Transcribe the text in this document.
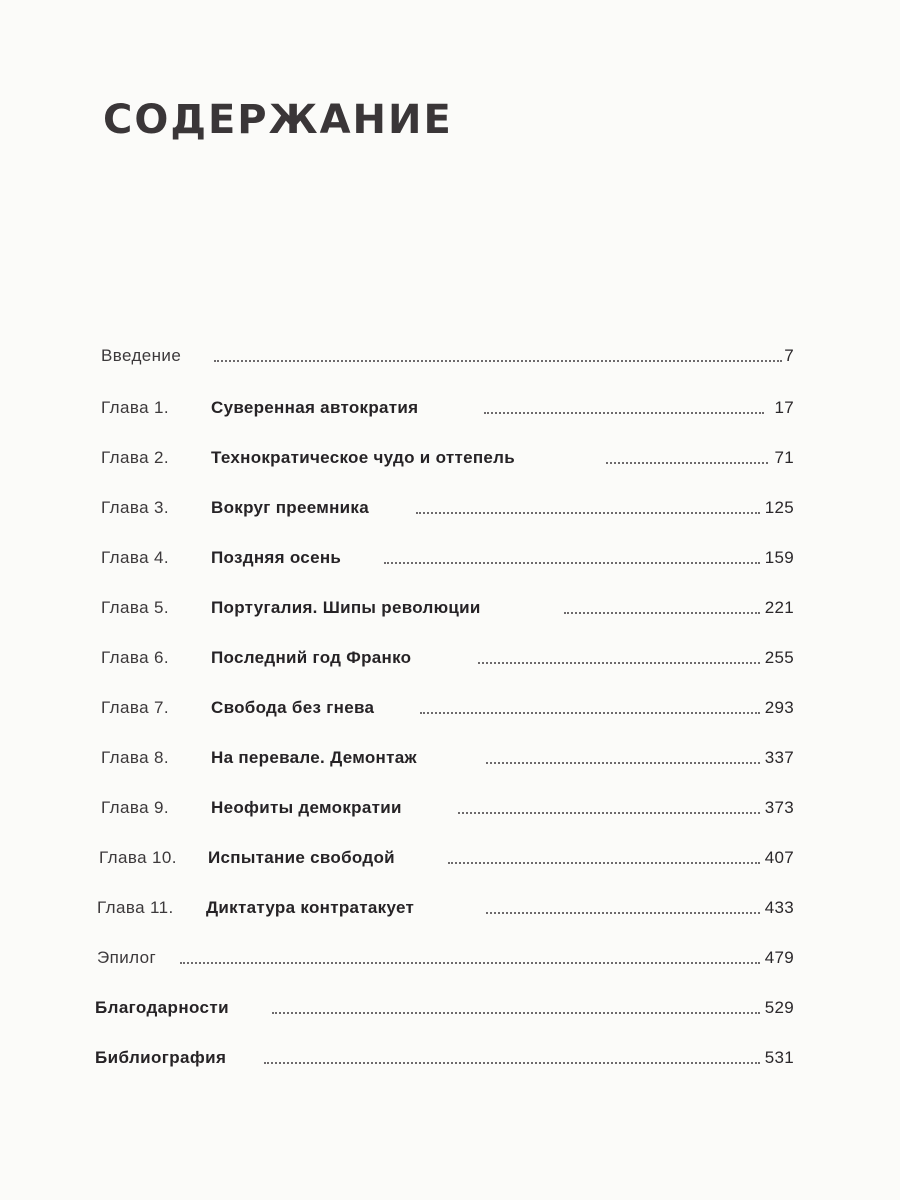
СОДЕРЖАНИЕ
Введение	7
Глава 1. Суверенная автократия	17
Глава 2. Технократическое чудо и оттепель	71
Глава 3. Вокруг преемника	125
Глава 4. Поздняя осень	159
Глава 5. Португалия. Шипы революции	221
Глава 6. Последний год Франко	255
Глава 7. Свобода без гнева	293
Глава 8. На перевале. Демонтаж	337
Глава 9. Неофиты демократии	373
Глава 10. Испытание свободой	407
Глава 11. Диктатура контратакует	433
Эпилог	479
Благодарности	529
Библиография	531
